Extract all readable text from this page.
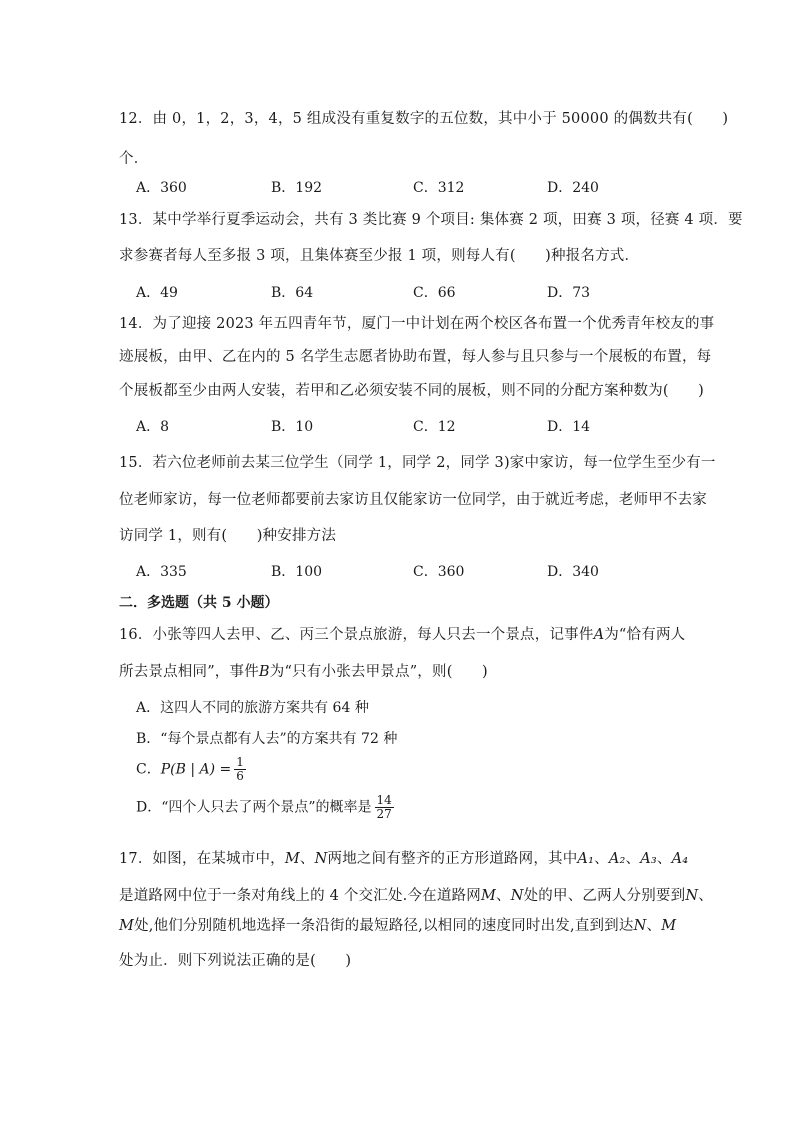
12．由 0，1，2，3，4，5 组成没有重复数字的五位数，其中小于 50000 的偶数共有(　　)
个．
A．360	B．192	C．312	D．240
13．某中学举行夏季运动会，共有 3 类比赛 9 个项目: 集体赛 2 项，田赛 3 项，径赛 4 项．要
求参赛者每人至多报 3 项，且集体赛至少报 1 项，则每人有(　　)种报名方式．
A．49	B．64	C．66	D．73
14．为了迎接 2023 年五四青年节，厦门一中计划在两个校区各布置一个优秀青年校友的事
迹展板，由甲、乙在内的 5 名学生志愿者协助布置，每人参与且只参与一个展板的布置，每
个展板都至少由两人安装，若甲和乙必须安装不同的展板，则不同的分配方案种数为(　　)
A．8	B．10	C．12	D．14
15．若六位老师前去某三位学生（同学 1，同学 2，同学 3)家中家访，每一位学生至少有一
位老师家访，每一位老师都要前去家访且仅能家访一位同学，由于就近考虑，老师甲不去家
访同学 1，则有(　　)种安排方法
A．335	B．100	C．360	D．340
二．多选题（共 5 小题）
16．小张等四人去甲、乙、丙三个景点旅游，每人只去一个景点，记事件A为“恰有两人
所去景点相同”，事件B为“只有小张去甲景点”，则(　　)
A．这四人不同的旅游方案共有 64 种
B．“每个景点都有人去”的方案共有 72 种
C．P(B | $A) = \frac{1}{6}$
D．“四个人只去了两个景点”的概率是 $\frac{14}{27}$
17．如图，在某城市中，M、N两地之间有整齐的正方形道路网，其中A₁、A₂、A₃、A₄
是道路网中位于一条对角线上的 4 个交汇处.今在道路网M、N处的甲、乙两人分别要到N、
M处,他们分别随机地选择一条沿街的最短路径,以相同的速度同时出发,直到到达N、M
处为止．则下列说法正确的是(　　)
